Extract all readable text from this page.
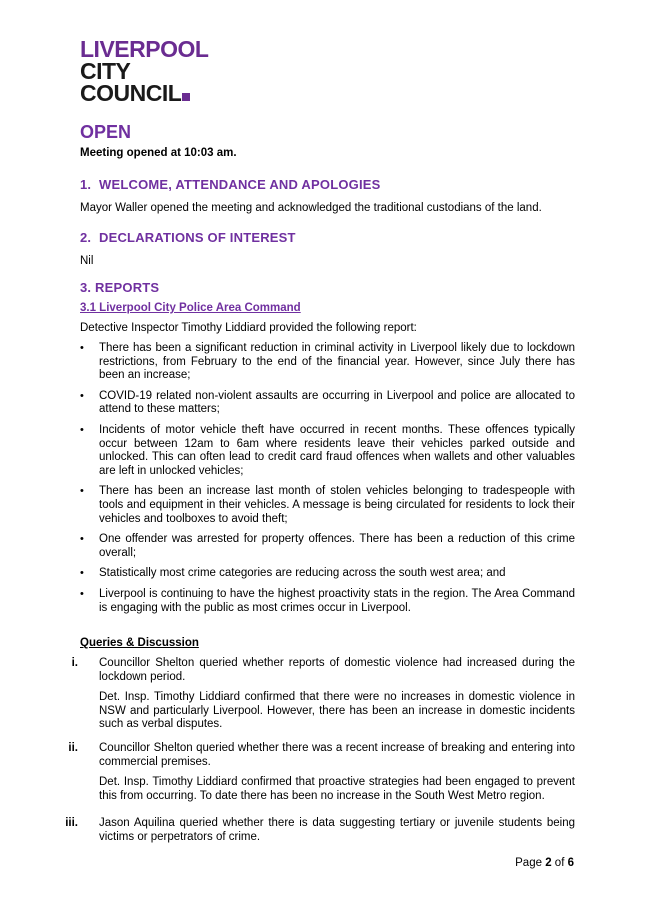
LIVERPOOL
CITY
COUNCIL
OPEN
Meeting opened at 10:03 am.
1. WELCOME, ATTENDANCE AND APOLOGIES
Mayor Waller opened the meeting and acknowledged the traditional custodians of the land.
2. DECLARATIONS OF INTEREST
Nil
3. REPORTS
3.1 Liverpool City Police Area Command
Detective Inspector Timothy Liddiard provided the following report:
• There has been a significant reduction in criminal activity in Liverpool likely due to lockdown restrictions, from February to the end of the financial year. However, since July there has been an increase;
• COVID-19 related non-violent assaults are occurring in Liverpool and police are allocated to attend to these matters;
• Incidents of motor vehicle theft have occurred in recent months. These offences typically occur between 12am to 6am where residents leave their vehicles parked outside and unlocked. This can often lead to credit card fraud offences when wallets and other valuables are left in unlocked vehicles;
• There has been an increase last month of stolen vehicles belonging to tradespeople with tools and equipment in their vehicles. A message is being circulated for residents to lock their vehicles and toolboxes to avoid theft;
• One offender was arrested for property offences. There has been a reduction of this crime overall;
• Statistically most crime categories are reducing across the south west area; and
• Liverpool is continuing to have the highest proactivity stats in the region. The Area Command is engaging with the public as most crimes occur in Liverpool.
Queries & Discussion
i. Councillor Shelton queried whether reports of domestic violence had increased during the lockdown period.
Det. Insp. Timothy Liddiard confirmed that there were no increases in domestic violence in NSW and particularly Liverpool. However, there has been an increase in domestic incidents such as verbal disputes.
ii. Councillor Shelton queried whether there was a recent increase of breaking and entering into commercial premises.
Det. Insp. Timothy Liddiard confirmed that proactive strategies had been engaged to prevent this from occurring. To date there has been no increase in the South West Metro region.
iii. Jason Aquilina queried whether there is data suggesting tertiary or juvenile students being victims or perpetrators of crime.
Page 2 of 6
